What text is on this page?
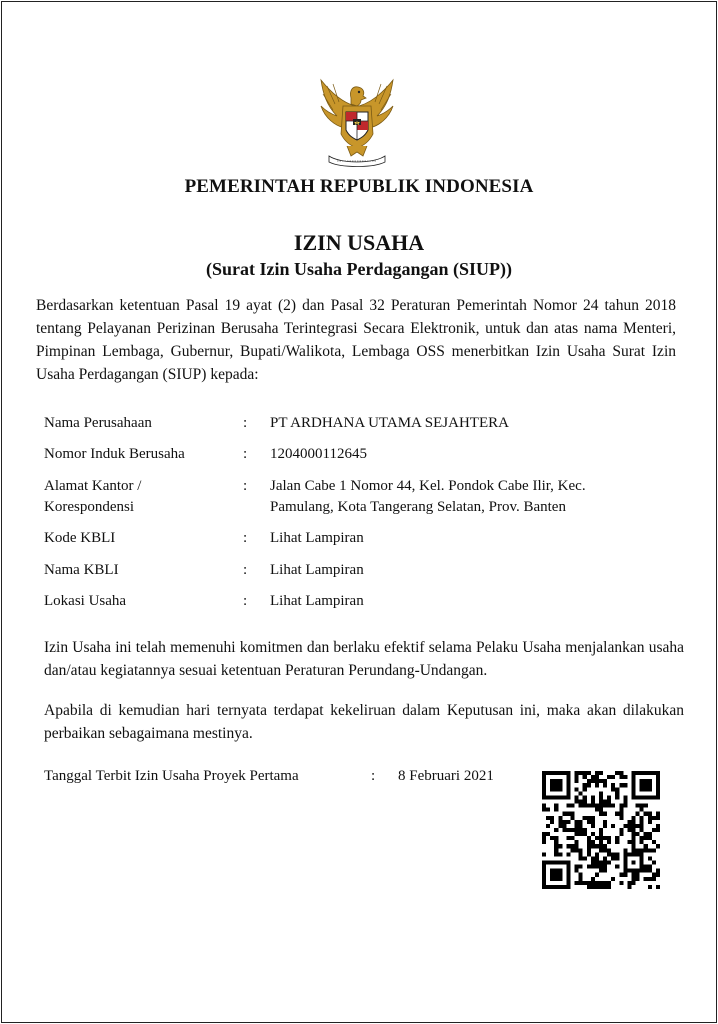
PEMERINTAH REPUBLIK INDONESIA
IZIN USAHA
(Surat Izin Usaha Perdagangan (SIUP))
Berdasarkan ketentuan Pasal 19 ayat (2) dan Pasal 32 Peraturan Pemerintah Nomor 24 tahun 2018 tentang Pelayanan Perizinan Berusaha Terintegrasi Secara Elektronik, untuk dan atas nama Menteri, Pimpinan Lembaga, Gubernur, Bupati/Walikota, Lembaga OSS menerbitkan Izin Usaha Surat Izin Usaha Perdagangan (SIUP) kepada:
Nama Perusahaan	: PT ARDHANA UTAMA SEJAHTERA
Nomor Induk Berusaha	: 1204000112645
Alamat Kantor /
Korespondensi
: Jalan Cabe 1 Nomor 44, Kel. Pondok Cabe Ilir, Kec.
Pamulang, Kota Tangerang Selatan, Prov. Banten
Kode KBLI	: Lihat Lampiran
Nama KBLI	: Lihat Lampiran
Lokasi Usaha	: Lihat Lampiran
Izin Usaha ini telah memenuhi komitmen dan berlaku efektif selama Pelaku Usaha menjalankan usaha dan/atau kegiatannya sesuai ketentuan Peraturan Perundang-Undangan.
Apabila di kemudian hari ternyata terdapat kekeliruan dalam Keputusan ini, maka akan dilakukan perbaikan sebagaimana mestinya.
Tanggal Terbit Izin Usaha Proyek Pertama	: 8 Februari 2021
